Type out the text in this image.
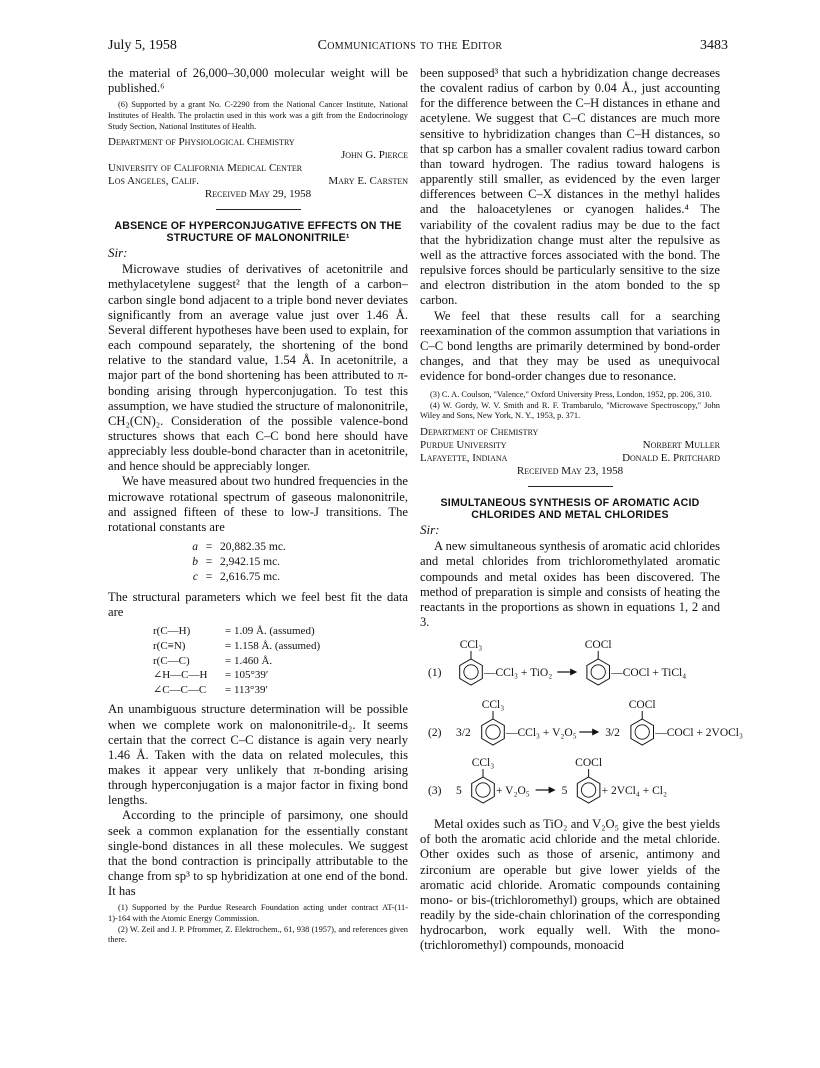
July 5, 1958	Communications to the Editor	3483

the material of 26,000–30,000 molecular weight will be published.⁶

(6) Supported by a grant No. C-2290 from the National Cancer Institute, National Institutes of Health. The prolactin used in this work was a gift from the Endocrinology Study Section, National Institutes of Health.

Department of Physiological Chemistry
John G. Pierce
University of California Medical Center
Los Angeles, Calif.	Mary E. Carsten
Received May 29, 1958
ABSENCE OF HYPERCONJUGATIVE EFFECTS ON THE STRUCTURE OF MALONONITRILE¹
Sir:

Microwave studies of derivatives of acetonitrile and methylacetylene suggest² that the length of a carbon–carbon single bond adjacent to a triple bond never deviates significantly from an average value just over 1.46 Å. Several different hypotheses have been used to explain, for each compound separately, the shortening of the bond relative to the standard value, 1.54 Å. In acetonitrile, a major part of the bond shortening has been attributed to π-bonding arising through hyperconjugation. To test this assumption, we have studied the structure of malononitrile, CH₂(CN)₂. Consideration of the possible valence-bond structures shows that each C–C bond here should have appreciably less double-bond character than in acetonitrile, and hence should be appreciably longer.

We have measured about two hundred frequencies in the microwave rotational spectrum of gaseous malononitrile, and assigned fifteen of these to low-J transitions. The rotational constants are

a = 20,882.35 mc.
b = 2,942.15 mc.
c = 2,616.75 mc.

The structural parameters which we feel best fit the data are

r(C—H)	= 1.09 Å. (assumed)
r(C≡N)	= 1.158 Å. (assumed)
r(C—C)	= 1.460 Å.
∠H—C—H	= 105°39′
∠C—C—C	= 113°39′

An unambiguous structure determination will be possible when we complete work on malononitrile-d₂. It seems certain that the correct C–C distance is again very nearly 1.46 Å. Taken with the data on related molecules, this makes it appear very unlikely that π-bonding arising through hyperconjugation is a major factor in fixing bond lengths.

According to the principle of parsimony, one should seek a common explanation for the essentially constant single-bond distances in all these molecules. We suggest that the bond contraction is principally attributable to the change from sp³ to sp hybridization at one end of the bond. It has

(1) Supported by the Purdue Research Foundation acting under contract AT-(11-1)-164 with the Atomic Energy Commission.

(2) W. Zeil and J. P. Pfrommer, Z. Elektrochem., 61, 938 (1957), and references given there.

been supposed³ that such a hybridization change decreases the covalent radius of carbon by 0.04 Å., just accounting for the difference between the C–H distances in ethane and acetylene. We suggest that C–C distances are much more sensitive to hybridization changes than C–H distances, so that sp carbon has a smaller covalent radius toward carbon than toward hydrogen. The radius toward halogens is apparently still smaller, as evidenced by the even larger differences between C–X distances in the methyl halides and the haloacetylenes or cyanogen halides.⁴ The variability of the covalent radius may be due to the fact that the hybridization change must alter the repulsive as well as the attractive forces associated with the bond. The repulsive forces should be particularly sensitive to the size and electron distribution in the atom bonded to the sp carbon.

We feel that these results call for a searching reexamination of the common assumption that variations in C–C bond lengths are primarily determined by bond-order changes, and that they may be used as unequivocal evidence for bond-order changes due to resonance.

(3) C. A. Coulson, "Valence," Oxford University Press, London, 1952, pp. 206, 310.

(4) W. Gordy, W. V. Smith and R. F. Trambarulo, "Microwave Spectroscopy," John Wiley and Sons, New York, N. Y., 1953, p. 371.

Department of Chemistry
Purdue University	Norbert Muller
Lafayette, Indiana	Donald E. Pritchard
Received May 23, 1958
SIMULTANEOUS SYNTHESIS OF AROMATIC ACID CHLORIDES AND METAL CHLORIDES
Sir:

A new simultaneous synthesis of aromatic acid chlorides and metal chlorides from trichloromethylated aromatic compounds and metal oxides has been discovered. The method of preparation is simple and consists of heating the reactants in the proportions as shown in equations 1, 2 and 3.

(1)
CCl₃
—CCl₃ + TiO₂
COCl
—COCl + TiCl₄
(2) 3/2
CCl₃
—CCl₃ + V₂O₅ 3/2
COCl
—COCl + 2VOCl₃
(3) 5
CCl₃
+ V₂O₅	5
COCl
+ 2VCl₄ + Cl₂

Metal oxides such as TiO₂ and V₂O₅ give the best yields of both the aromatic acid chloride and the metal chloride. Other oxides such as those of arsenic, antimony and zirconium are operable but give lower yields of the aromatic acid chloride. Aromatic compounds containing mono- or bis-(trichloromethyl) groups, which are obtained readily by the side-chain chlorination of the corresponding hydrocarbon, work equally well. With the mono-(trichloromethyl) compounds, monoacid
